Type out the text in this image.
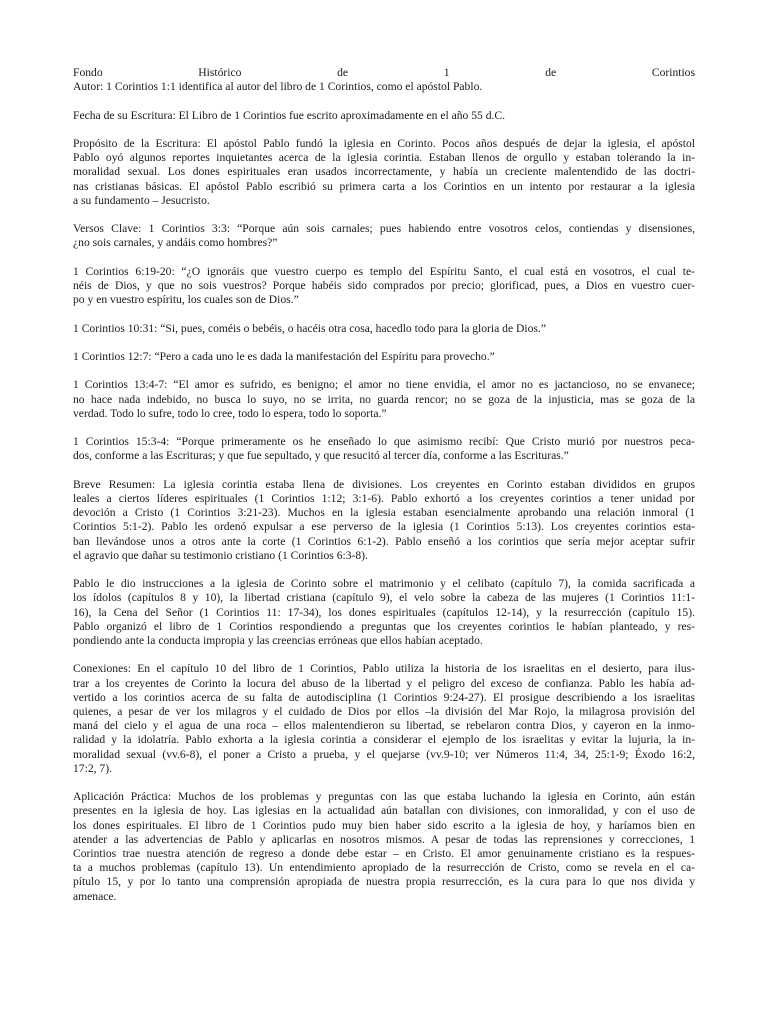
Fondo Histórico de 1 de Corintios
Autor: 1 Corintios 1:1 identifica al autor del libro de 1 Corintios, como el apóstol Pablo.
Fecha de su Escritura: El Libro de 1 Corintios fue escrito aproximadamente en el año 55 d.C.
Propósito de la Escritura: El apóstol Pablo fundó la iglesia en Corinto. Pocos años después de dejar la iglesia, el apóstol
Pablo oyó algunos reportes inquietantes acerca de la iglesia corintia. Estaban llenos de orgullo y estaban tolerando la in-
moralidad sexual. Los dones espirituales eran usados incorrectamente, y había un creciente malentendido de las doctri-
nas cristianas básicas. El apóstol Pablo escribió su primera carta a los Corintios en un intento por restaurar a la iglesia
a su fundamento – Jesucristo.
Versos Clave: 1 Corintios 3:3: “Porque aún sois carnales; pues habiendo entre vosotros celos, contiendas y disensiones,
¿no sois carnales, y andáis como hombres?”
1 Corintios 6:19-20: “¿O ignoráis que vuestro cuerpo es templo del Espíritu Santo, el cual está en vosotros, el cual te-
néis de Dios, y que no sois vuestros? Porque habéis sido comprados por precio; glorificad, pues, a Dios en vuestro cuer-
po y en vuestro espíritu, los cuales son de Dios.”
1 Corintios 10:31: “Si, pues, coméis o bebéis, o hacéis otra cosa, hacedlo todo para la gloria de Dios.”
1 Corintios 12:7: “Pero a cada uno le es dada la manifestación del Espíritu para provecho.”
1 Corintios 13:4-7: “El amor es sufrido, es benigno; el amor no tiene envidia, el amor no es jactancioso, no se envanece;
no hace nada indebido, no busca lo suyo, no se irrita, no guarda rencor; no se goza de la injusticia, mas se goza de la
verdad. Todo lo sufre, todo lo cree, todo lo espera, todo lo soporta.”
1 Corintios 15:3-4: “Porque primeramente os he enseñado lo que asimismo recibí: Que Cristo murió por nuestros peca-
dos, conforme a las Escrituras; y que fue sepultado, y que resucitó al tercer día, conforme a las Escrituras.”
Breve Resumen: La iglesia corintia estaba llena de divisiones. Los creyentes en Corinto estaban divididos en grupos
leales a ciertos líderes espirituales (1 Corintios 1:12; 3:1-6). Pablo exhortó a los creyentes corintios a tener unidad por
devoción a Cristo (1 Corintios 3:21-23). Muchos en la iglesia estaban esencialmente aprobando una relación inmoral (1
Corintios 5:1-2). Pablo les ordenó expulsar a ese perverso de la iglesia (1 Corintios 5:13). Los creyentes corintios esta-
ban llevándose unos a otros ante la corte (1 Corintios 6:1-2). Pablo enseñó a los corintios que sería mejor aceptar sufrir
el agravio que dañar su testimonio cristiano (1 Corintios 6:3-8).
Pablo le dio instrucciones a la iglesia de Corinto sobre el matrimonio y el celibato (capítulo 7), la comida sacrificada a
los ídolos (capítulos 8 y 10), la libertad cristiana (capítulo 9), el velo sobre la cabeza de las mujeres (1 Corintios 11:1-
16), la Cena del Señor (1 Corintios 11: 17-34), los dones espirituales (capítulos 12-14), y la resurrección (capítulo 15).
Pablo organizó el libro de 1 Corintios respondiendo a preguntas que los creyentes corintios le habían planteado, y res-
pondiendo ante la conducta impropia y las creencias erróneas que ellos habían aceptado.
Conexiones: En el capítulo 10 del libro de 1 Corintios, Pablo utiliza la historia de los israelitas en el desierto, para ilus-
trar a los creyentes de Corinto la locura del abuso de la libertad y el peligro del exceso de confianza. Pablo les había ad-
vertido a los corintios acerca de su falta de autodisciplina (1 Corintios 9:24-27). El prosigue describiendo a los israelitas
quienes, a pesar de ver los milagros y el cuidado de Dios por ellos –la división del Mar Rojo, la milagrosa provisión del
maná del cielo y el agua de una roca – ellos malentendieron su libertad, se rebelaron contra Dios, y cayeron en la inmo-
ralidad y la idolatría. Pablo exhorta a la iglesia corintia a considerar el ejemplo de los israelitas y evitar la lujuria, la in-
moralidad sexual (vv.6-8), el poner a Cristo a prueba, y el quejarse (vv.9-10; ver Números 11:4, 34, 25:1-9; Éxodo 16:2,
17:2, 7).
Aplicación Práctica: Muchos de los problemas y preguntas con las que estaba luchando la iglesia en Corinto, aún están
presentes en la iglesia de hoy. Las iglesias en la actualidad aún batallan con divisiones, con inmoralidad, y con el uso de
los dones espirituales. El libro de 1 Corintios pudo muy bien haber sido escrito a la iglesia de hoy, y haríamos bien en
atender a las advertencias de Pablo y aplicarlas en nosotros mismos. A pesar de todas las reprensiones y correcciones, 1
Corintios trae nuestra atención de regreso a donde debe estar – en Cristo. El amor genuinamente cristiano es la respues-
ta a muchos problemas (capítulo 13). Un entendimiento apropiado de la resurrección de Cristo, como se revela en el ca-
pítulo 15, y por lo tanto una comprensión apropiada de nuestra propia resurrección, es la cura para lo que nos divida y
amenace.
